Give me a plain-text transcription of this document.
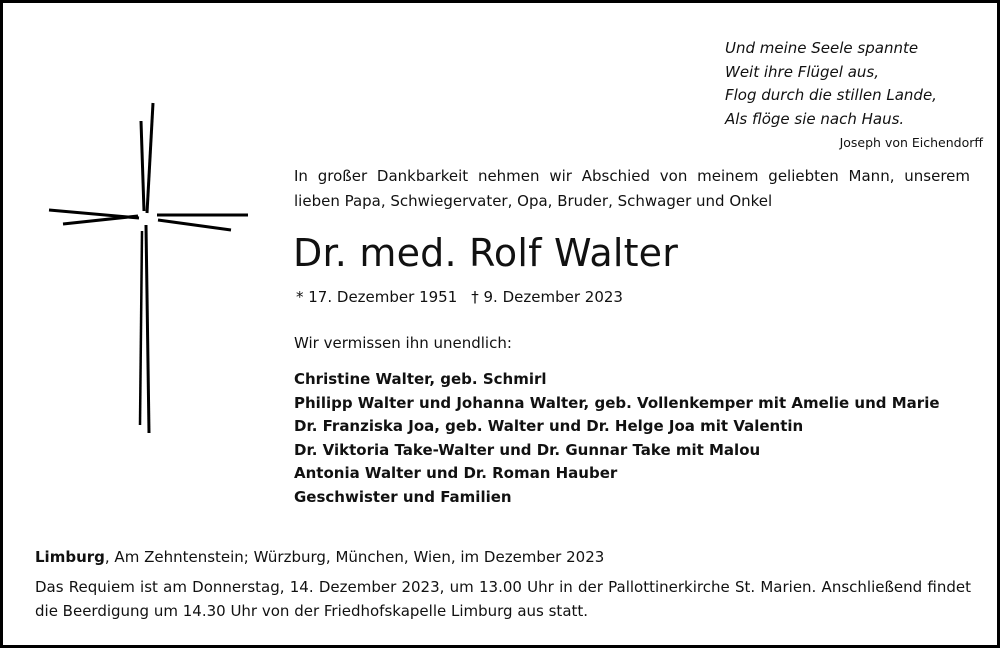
Und meine Seele spannte
Weit ihre Flügel aus,
Flog durch die stillen Lande,
Als flöge sie nach Haus.
Joseph von Eichendorff
In großer Dankbarkeit nehmen wir Abschied von meinem geliebten Mann, unserem lieben Papa, Schwiegervater, Opa, Bruder, Schwager und Onkel
Dr. med. Rolf Walter
* 17. Dezember 1951 † 9. Dezember 2023
Wir vermissen ihn unendlich:
Christine Walter, geb. Schmirl
Philipp Walter und Johanna Walter, geb. Vollenkemper mit Amelie und Marie
Dr. Franziska Joa, geb. Walter und Dr. Helge Joa mit Valentin
Dr. Viktoria Take-Walter und Dr. Gunnar Take mit Malou
Antonia Walter und Dr. Roman Hauber
Geschwister und Familien
Limburg, Am Zehntenstein; Würzburg, München, Wien, im Dezember 2023
Das Requiem ist am Donnerstag, 14. Dezember 2023, um 13.00 Uhr in der Pallottinerkirche St. Marien. Anschließend findet die Beerdigung um 14.30 Uhr von der Friedhofskapelle Limburg aus statt.
